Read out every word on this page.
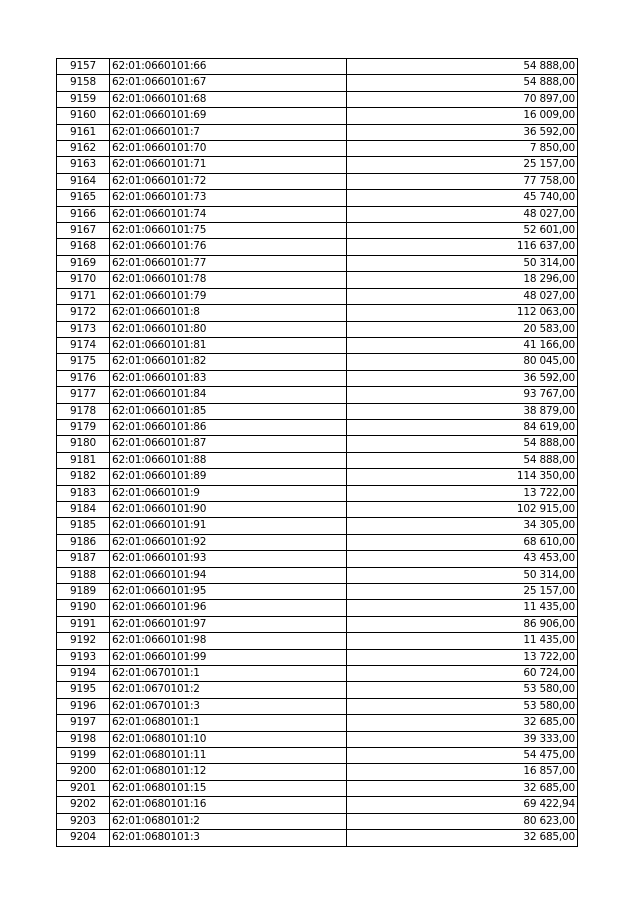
9157	62:01:0660101:66	54 888,00
9158	62:01:0660101:67	54 888,00
9159	62:01:0660101:68	70 897,00
9160	62:01:0660101:69	16 009,00
9161	62:01:0660101:7	36 592,00
9162	62:01:0660101:70	7 850,00
9163	62:01:0660101:71	25 157,00
9164	62:01:0660101:72	77 758,00
9165	62:01:0660101:73	45 740,00
9166	62:01:0660101:74	48 027,00
9167	62:01:0660101:75	52 601,00
9168	62:01:0660101:76	116 637,00
9169	62:01:0660101:77	50 314,00
9170	62:01:0660101:78	18 296,00
9171	62:01:0660101:79	48 027,00
9172	62:01:0660101:8	112 063,00
9173	62:01:0660101:80	20 583,00
9174	62:01:0660101:81	41 166,00
9175	62:01:0660101:82	80 045,00
9176	62:01:0660101:83	36 592,00
9177	62:01:0660101:84	93 767,00
9178	62:01:0660101:85	38 879,00
9179	62:01:0660101:86	84 619,00
9180	62:01:0660101:87	54 888,00
9181	62:01:0660101:88	54 888,00
9182	62:01:0660101:89	114 350,00
9183	62:01:0660101:9	13 722,00
9184	62:01:0660101:90	102 915,00
9185	62:01:0660101:91	34 305,00
9186	62:01:0660101:92	68 610,00
9187	62:01:0660101:93	43 453,00
9188	62:01:0660101:94	50 314,00
9189	62:01:0660101:95	25 157,00
9190	62:01:0660101:96	11 435,00
9191	62:01:0660101:97	86 906,00
9192	62:01:0660101:98	11 435,00
9193	62:01:0660101:99	13 722,00
9194	62:01:0670101:1	60 724,00
9195	62:01:0670101:2	53 580,00
9196	62:01:0670101:3	53 580,00
9197	62:01:0680101:1	32 685,00
9198	62:01:0680101:10	39 333,00
9199	62:01:0680101:11	54 475,00
9200	62:01:0680101:12	16 857,00
9201	62:01:0680101:15	32 685,00
9202	62:01:0680101:16	69 422,94
9203	62:01:0680101:2	80 623,00
9204	62:01:0680101:3	32 685,00
